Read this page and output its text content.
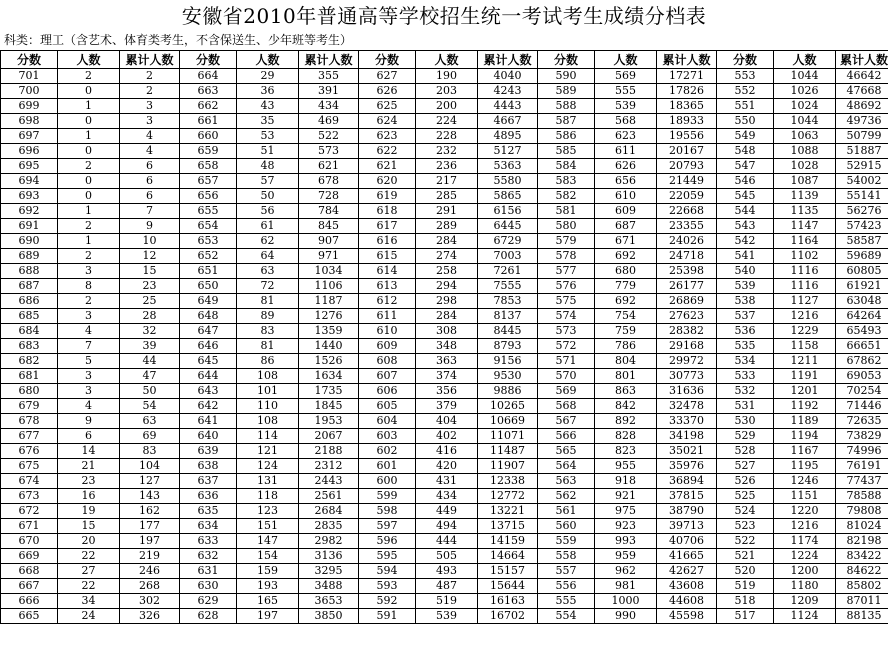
安徽省2010年普通高等学校招生统一考试考生成绩分档表
科类：理工（含艺术、体育类考生，不含保送生、少年班等考生）
分数	人数	累计人数	分数	人数	累计人数	分数	人数	累计人数	分数	人数	累计人数	分数	人数	累计人数
701	2	2	664	29	355	627	190	4040	590	569	17271	553	1044	46642
700	0	2	663	36	391	626	203	4243	589	555	17826	552	1026	47668
699	1	3	662	43	434	625	200	4443	588	539	18365	551	1024	48692
698	0	3	661	35	469	624	224	4667	587	568	18933	550	1044	49736
697	1	4	660	53	522	623	228	4895	586	623	19556	549	1063	50799
696	0	4	659	51	573	622	232	5127	585	611	20167	548	1088	51887
695	2	6	658	48	621	621	236	5363	584	626	20793	547	1028	52915
694	0	6	657	57	678	620	217	5580	583	656	21449	546	1087	54002
693	0	6	656	50	728	619	285	5865	582	610	22059	545	1139	55141
692	1	7	655	56	784	618	291	6156	581	609	22668	544	1135	56276
691	2	9	654	61	845	617	289	6445	580	687	23355	543	1147	57423
690	1	10	653	62	907	616	284	6729	579	671	24026	542	1164	58587
689	2	12	652	64	971	615	274	7003	578	692	24718	541	1102	59689
688	3	15	651	63	1034	614	258	7261	577	680	25398	540	1116	60805
687	8	23	650	72	1106	613	294	7555	576	779	26177	539	1116	61921
686	2	25	649	81	1187	612	298	7853	575	692	26869	538	1127	63048
685	3	28	648	89	1276	611	284	8137	574	754	27623	537	1216	64264
684	4	32	647	83	1359	610	308	8445	573	759	28382	536	1229	65493
683	7	39	646	81	1440	609	348	8793	572	786	29168	535	1158	66651
682	5	44	645	86	1526	608	363	9156	571	804	29972	534	1211	67862
681	3	47	644	108	1634	607	374	9530	570	801	30773	533	1191	69053
680	3	50	643	101	1735	606	356	9886	569	863	31636	532	1201	70254
679	4	54	642	110	1845	605	379	10265	568	842	32478	531	1192	71446
678	9	63	641	108	1953	604	404	10669	567	892	33370	530	1189	72635
677	6	69	640	114	2067	603	402	11071	566	828	34198	529	1194	73829
676	14	83	639	121	2188	602	416	11487	565	823	35021	528	1167	74996
675	21	104	638	124	2312	601	420	11907	564	955	35976	527	1195	76191
674	23	127	637	131	2443	600	431	12338	563	918	36894	526	1246	77437
673	16	143	636	118	2561	599	434	12772	562	921	37815	525	1151	78588
672	19	162	635	123	2684	598	449	13221	561	975	38790	524	1220	79808
671	15	177	634	151	2835	597	494	13715	560	923	39713	523	1216	81024
670	20	197	633	147	2982	596	444	14159	559	993	40706	522	1174	82198
669	22	219	632	154	3136	595	505	14664	558	959	41665	521	1224	83422
668	27	246	631	159	3295	594	493	15157	557	962	42627	520	1200	84622
667	22	268	630	193	3488	593	487	15644	556	981	43608	519	1180	85802
666	34	302	629	165	3653	592	519	16163	555	1000	44608	518	1209	87011
665	24	326	628	197	3850	591	539	16702	554	990	45598	517	1124	88135
